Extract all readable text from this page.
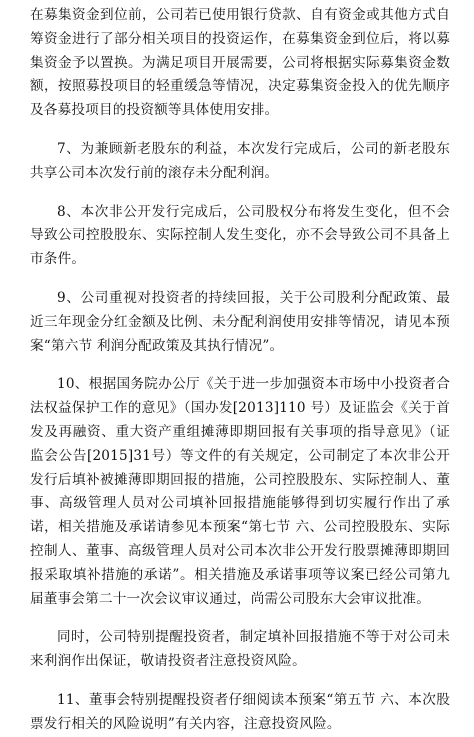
在募集资金到位前，公司若已使用银行贷款、自有资金或其他方式自筹资金进行了部分相关项目的投资运作，在募集资金到位后，将以募集资金予以置换。为满足项目开展需要，公司将根据实际募集资金数额，按照募投项目的轻重缓急等情况，决定募集资金投入的优先顺序及各募投项目的投资额等具体使用安排。

7、为兼顾新老股东的利益，本次发行完成后，公司的新老股东共享公司本次发行前的滚存未分配利润。

8、本次非公开发行完成后，公司股权分布将发生变化，但不会导致公司控股股东、实际控制人发生变化，亦不会导致公司不具备上市条件。

9、公司重视对投资者的持续回报，关于公司股利分配政策、最近三年现金分红金额及比例、未分配利润使用安排等情况，请见本预案“第六节 利润分配政策及其执行情况”。

10、根据国务院办公厅《关于进一步加强资本市场中小投资者合法权益保护工作的意见》（国办发[2013]110 号）及证监会《关于首发及再融资、重大资产重组摊薄即期回报有关事项的指导意见》（证监会公告[2015]31号）等文件的有关规定，公司制定了本次非公开发行后填补被摊薄即期回报的措施，公司控股股东、实际控制人、董事、高级管理人员对公司填补回报措施能够得到切实履行作出了承诺，相关措施及承诺请参见本预案“第七节 六、公司控股股东、实际控制人、董事、高级管理人员对公司本次非公开发行股票摊薄即期回报采取填补措施的承诺”。相关措施及承诺事项等议案已经公司第九届董事会第二十一次会议审议通过，尚需公司股东大会审议批准。

同时，公司特别提醒投资者，制定填补回报措施不等于对公司未来利润作出保证，敬请投资者注意投资风险。

11、董事会特别提醒投资者仔细阅读本预案“第五节 六、本次股票发行相关的风险说明”有关内容，注意投资风险。
